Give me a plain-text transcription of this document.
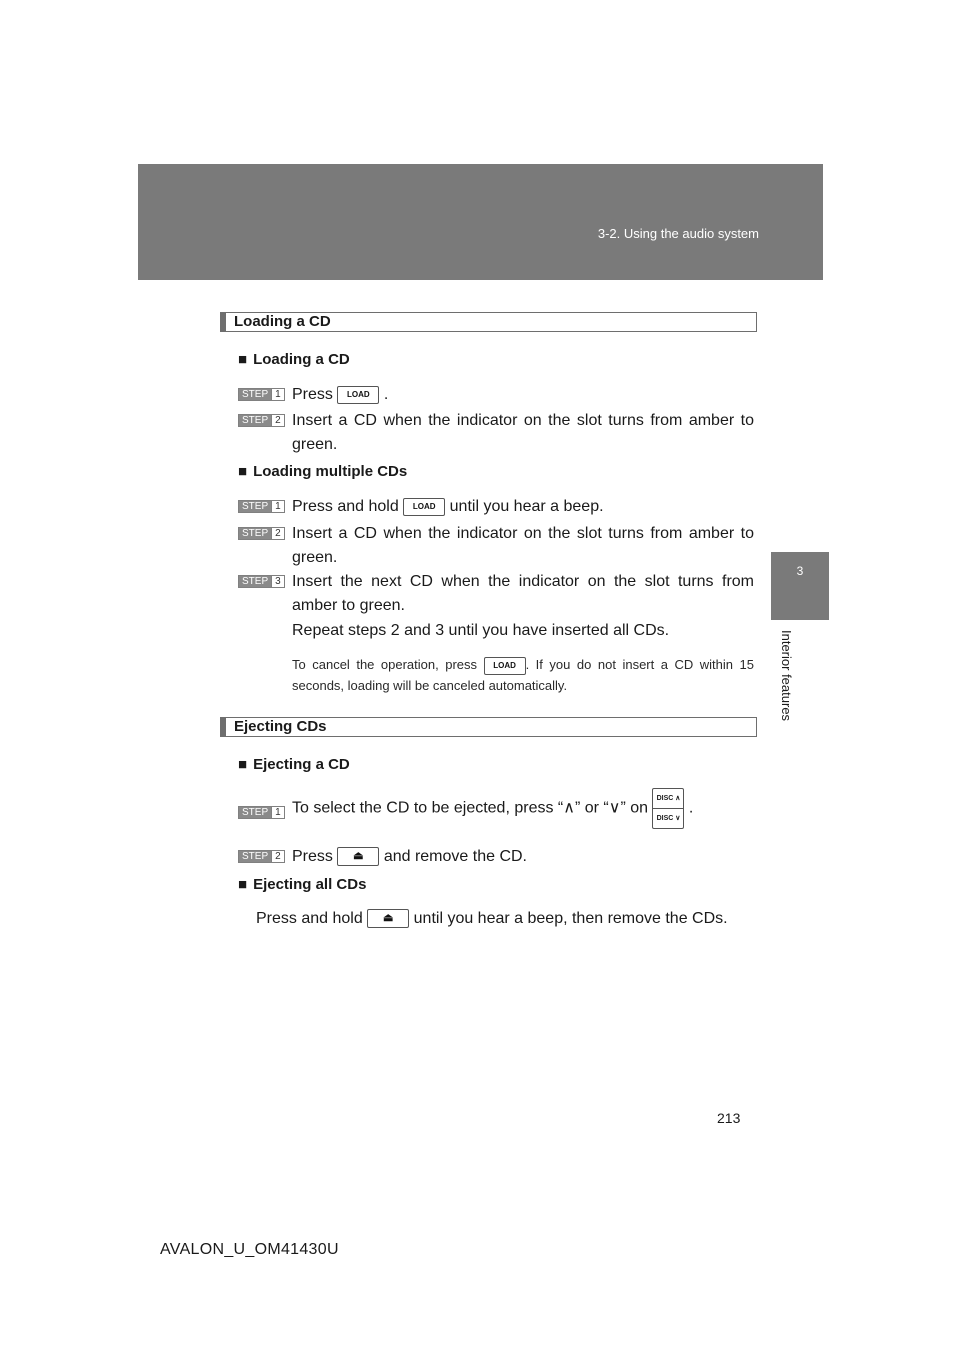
3-2. Using the audio system
3
Interior features
Loading a CD
■ Loading a CD
STEP 1 Press LOAD .
STEP 2 Insert a CD when the indicator on the slot turns from amber to green.
■ Loading multiple CDs
STEP 1 Press and hold LOAD until you hear a beep.
STEP 2 Insert a CD when the indicator on the slot turns from amber to green.
STEP 3 Insert the next CD when the indicator on the slot turns from amber to green.
Repeat steps 2 and 3 until you have inserted all CDs.
To cancel the operation, press LOAD . If you do not insert a CD within 15 seconds, loading will be canceled automatically.
Ejecting CDs
■ Ejecting a CD
STEP 1 To select the CD to be ejected, press “∧” or “∨” on
DISC ∧
DISC ∨
.
STEP 2 Press ⏏ and remove the CD.
■ Ejecting all CDs
Press and hold ⏏ until you hear a beep, then remove the CDs.
213
AVALON_U_OM41430U
